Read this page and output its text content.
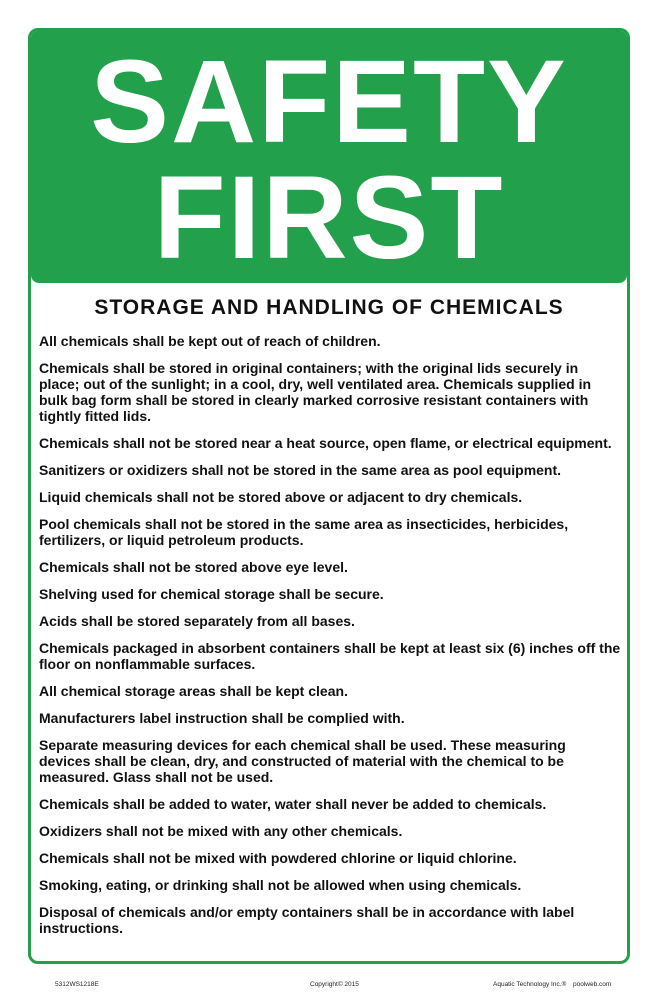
SAFETY
FIRST
STORAGE AND HANDLING OF CHEMICALS
All chemicals shall be kept out of reach of children.
Chemicals shall be stored in original containers; with the original lids securely in place; out of the sunlight; in a cool, dry, well ventilated area. Chemicals supplied in bulk bag form shall be stored in clearly marked corrosive resistant containers with tightly fitted lids.
Chemicals shall not be stored near a heat source, open flame, or electrical equipment.
Sanitizers or oxidizers shall not be stored in the same area as pool equipment.
Liquid chemicals shall not be stored above or adjacent to dry chemicals.
Pool chemicals shall not be stored in the same area as insecticides, herbicides, fertilizers, or liquid petroleum products.
Chemicals shall not be stored above eye level.
Shelving used for chemical storage shall be secure.
Acids shall be stored separately from all bases.
Chemicals packaged in absorbent containers shall be kept at least six (6) inches off the floor on nonflammable surfaces.
All chemical storage areas shall be kept clean.
Manufacturers label instruction shall be complied with.
Separate measuring devices for each chemical shall be used. These measuring devices shall be clean, dry, and constructed of material with the chemical to be measured. Glass shall not be used.
Chemicals shall be added to water, water shall never be added to chemicals.
Oxidizers shall not be mixed with any other chemicals.
Chemicals shall not be mixed with powdered chlorine or liquid chlorine.
Smoking, eating, or drinking shall not be allowed when using chemicals.
Disposal of chemicals and/or empty containers shall be in accordance with label instructions.
5312WS1218E	Copyright© 2015	Aquatic Technology Inc.® poolweb.com
